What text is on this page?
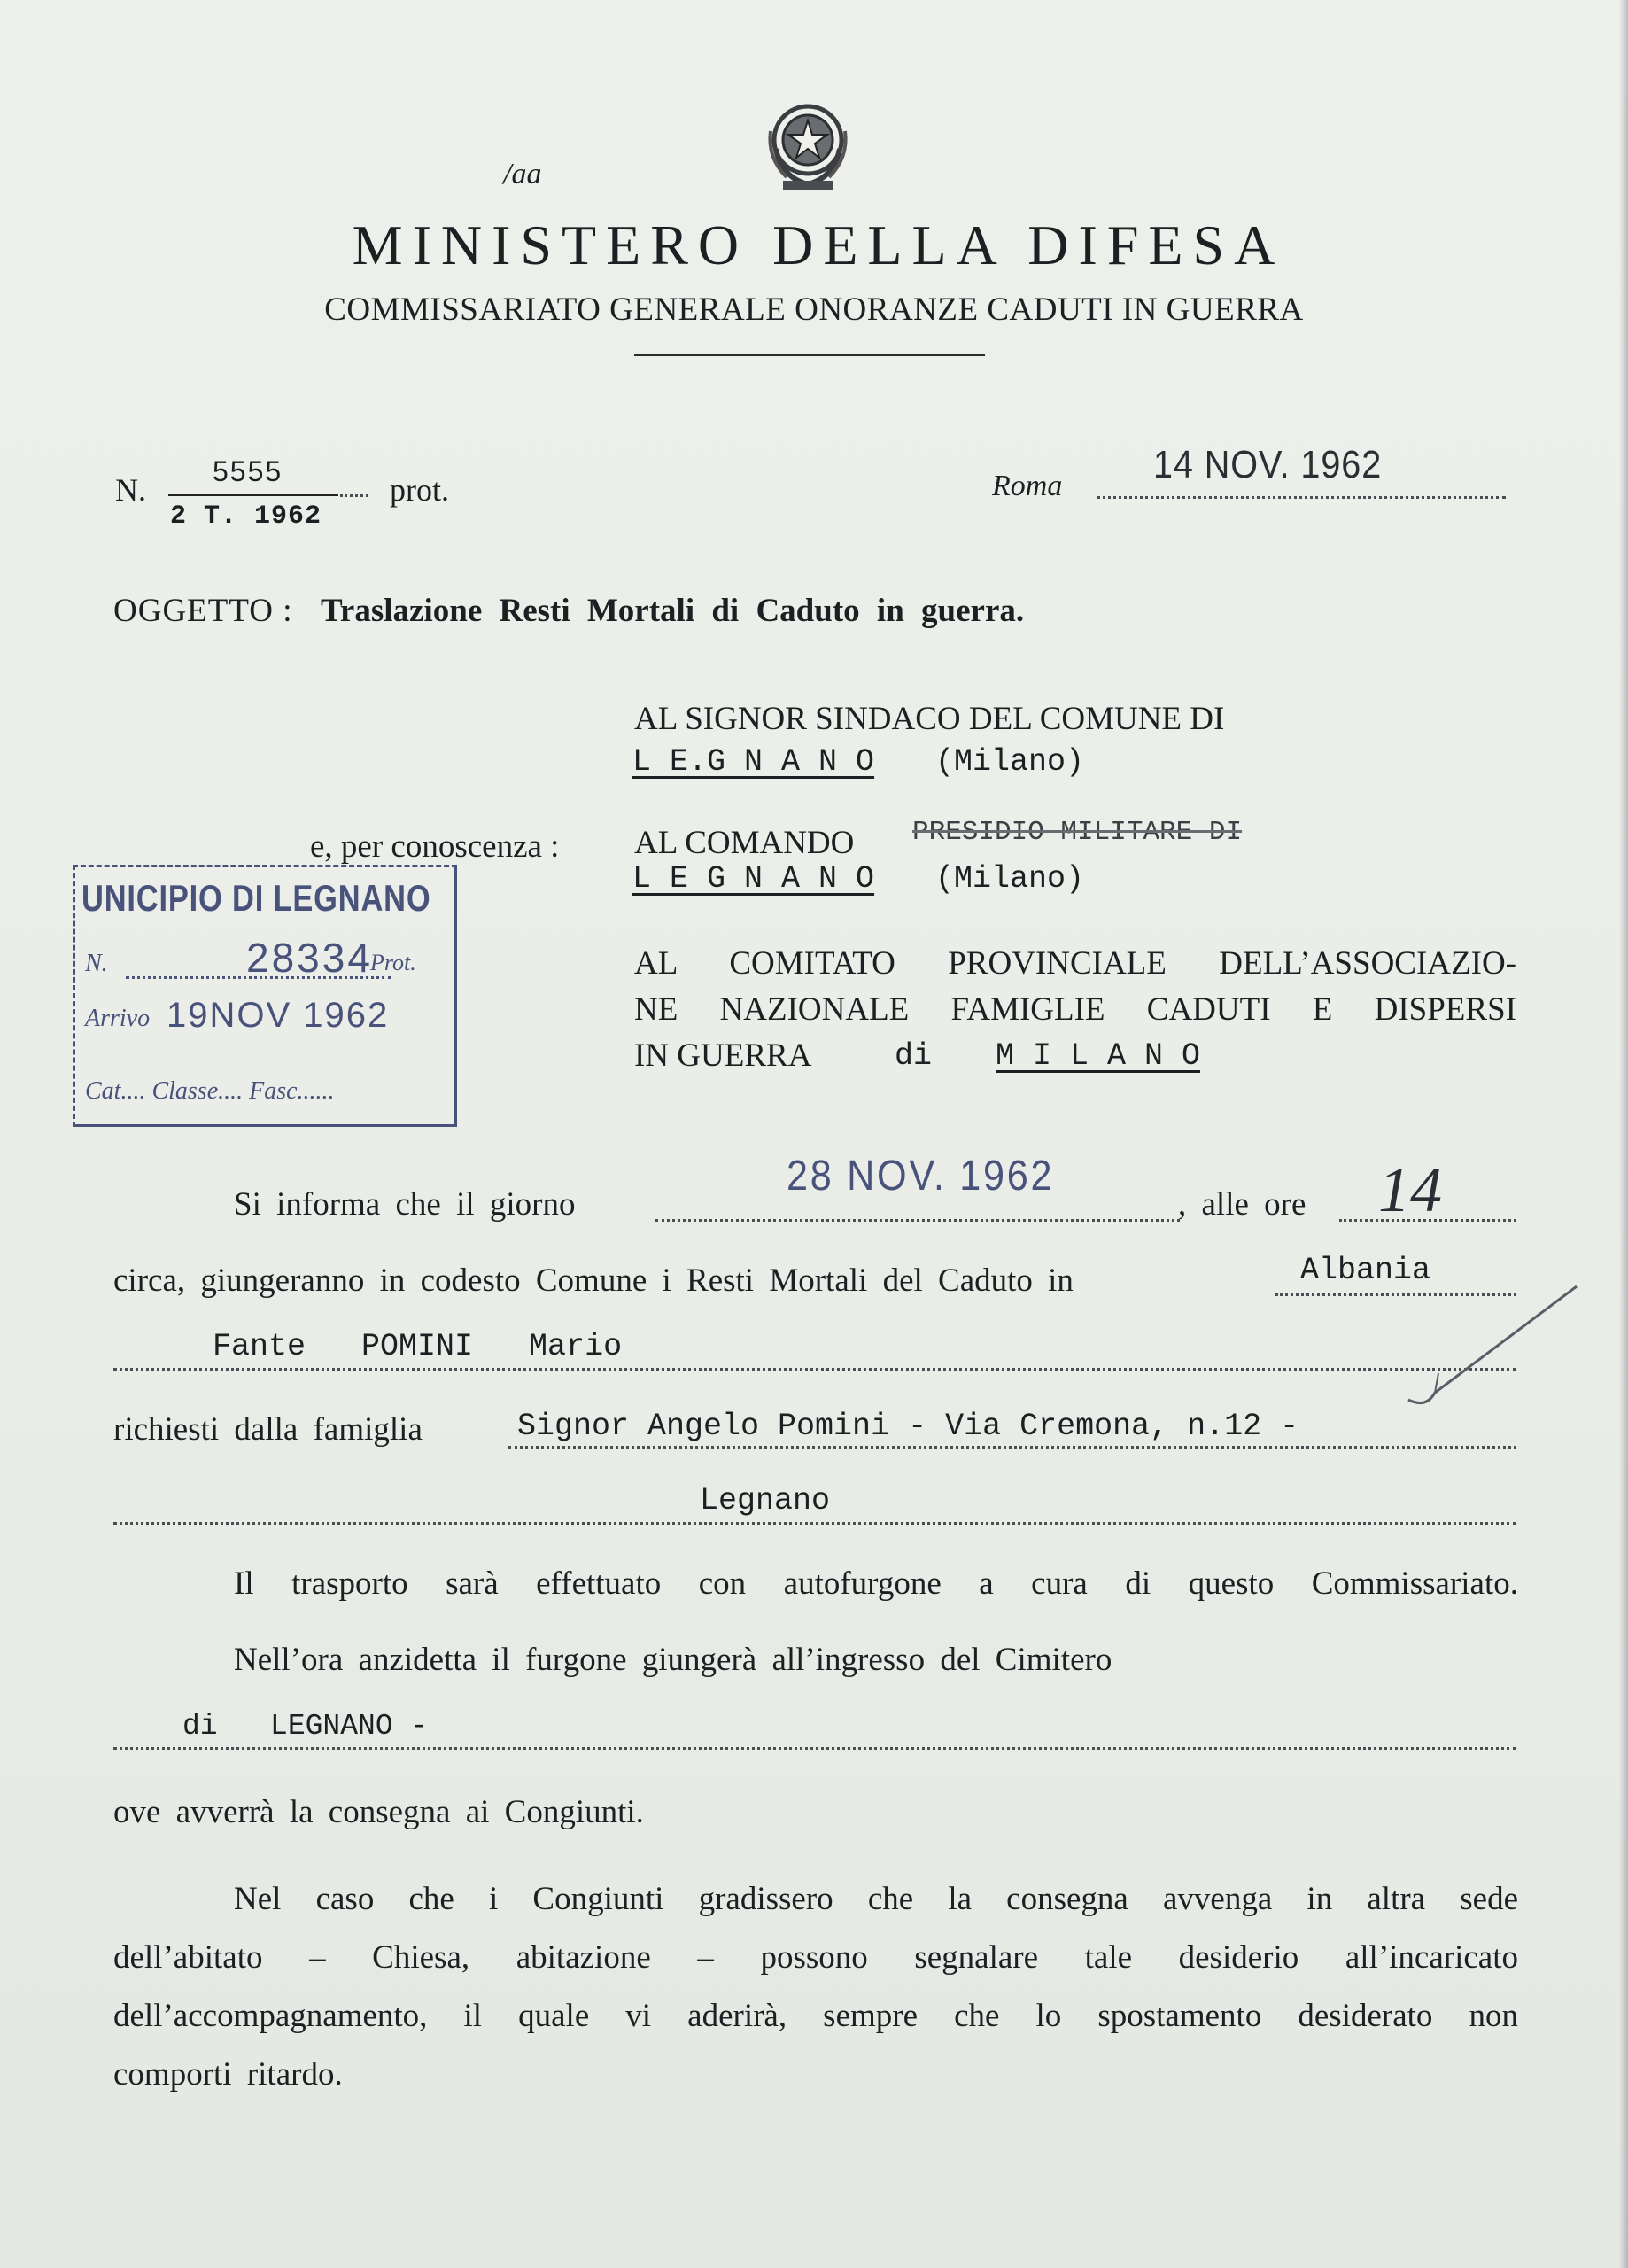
/aa
MINISTERO DELLA DIFESA
COMMISSARIATO GENERALE ONORANZE CADUTI IN GUERRA
N.
5555
2 T. 1962
prot.	Roma 14 NOV. 1962
OGGETTO : Traslazione Resti Mortali di Caduto in guerra.
AL SIGNOR SINDACO DEL COMUNE DI
L E.G N A N O (Milano)
e, per conoscenza : AL COMANDO PRESIDIO MILITARE DI
L E G N A N O (Milano)
AL COMITATO PROVINCIALE DELL’ASSOCIAZIO-
NE NAZIONALE FAMIGLIE CADUTI E DISPERSI
IN GUERRA	di M I L A N O
UNICIPIO DI LEGNANO
N.	28334
Prot.
Arrivo 19NOV 1962
Cat.... Classe.... Fasc......
Si informa che il giorno
28 NOV. 1962
, alle ore 14
circa, giungeranno in codesto Comune i Resti Mortali del Caduto in	Albania
Fante   POMINI   Mario
richiesti dalla famiglia	Signor Angelo Pomini - Via Cremona, n.12 -
Legnano
Il trasporto sarà effettuato con autofurgone a cura di questo Commissariato.
Nell’ora anzidetta il furgone giungerà all’ingresso del Cimitero
di   LEGNANO -
ove avverrà la consegna ai Congiunti.
Nel caso che i Congiunti gradissero che la consegna avvenga in altra sede
dell’abitato – Chiesa, abitazione – possono segnalare tale desiderio all’incaricato
dell’accompagnamento, il quale vi aderirà, sempre che lo spostamento desiderato non
comporti ritardo.
